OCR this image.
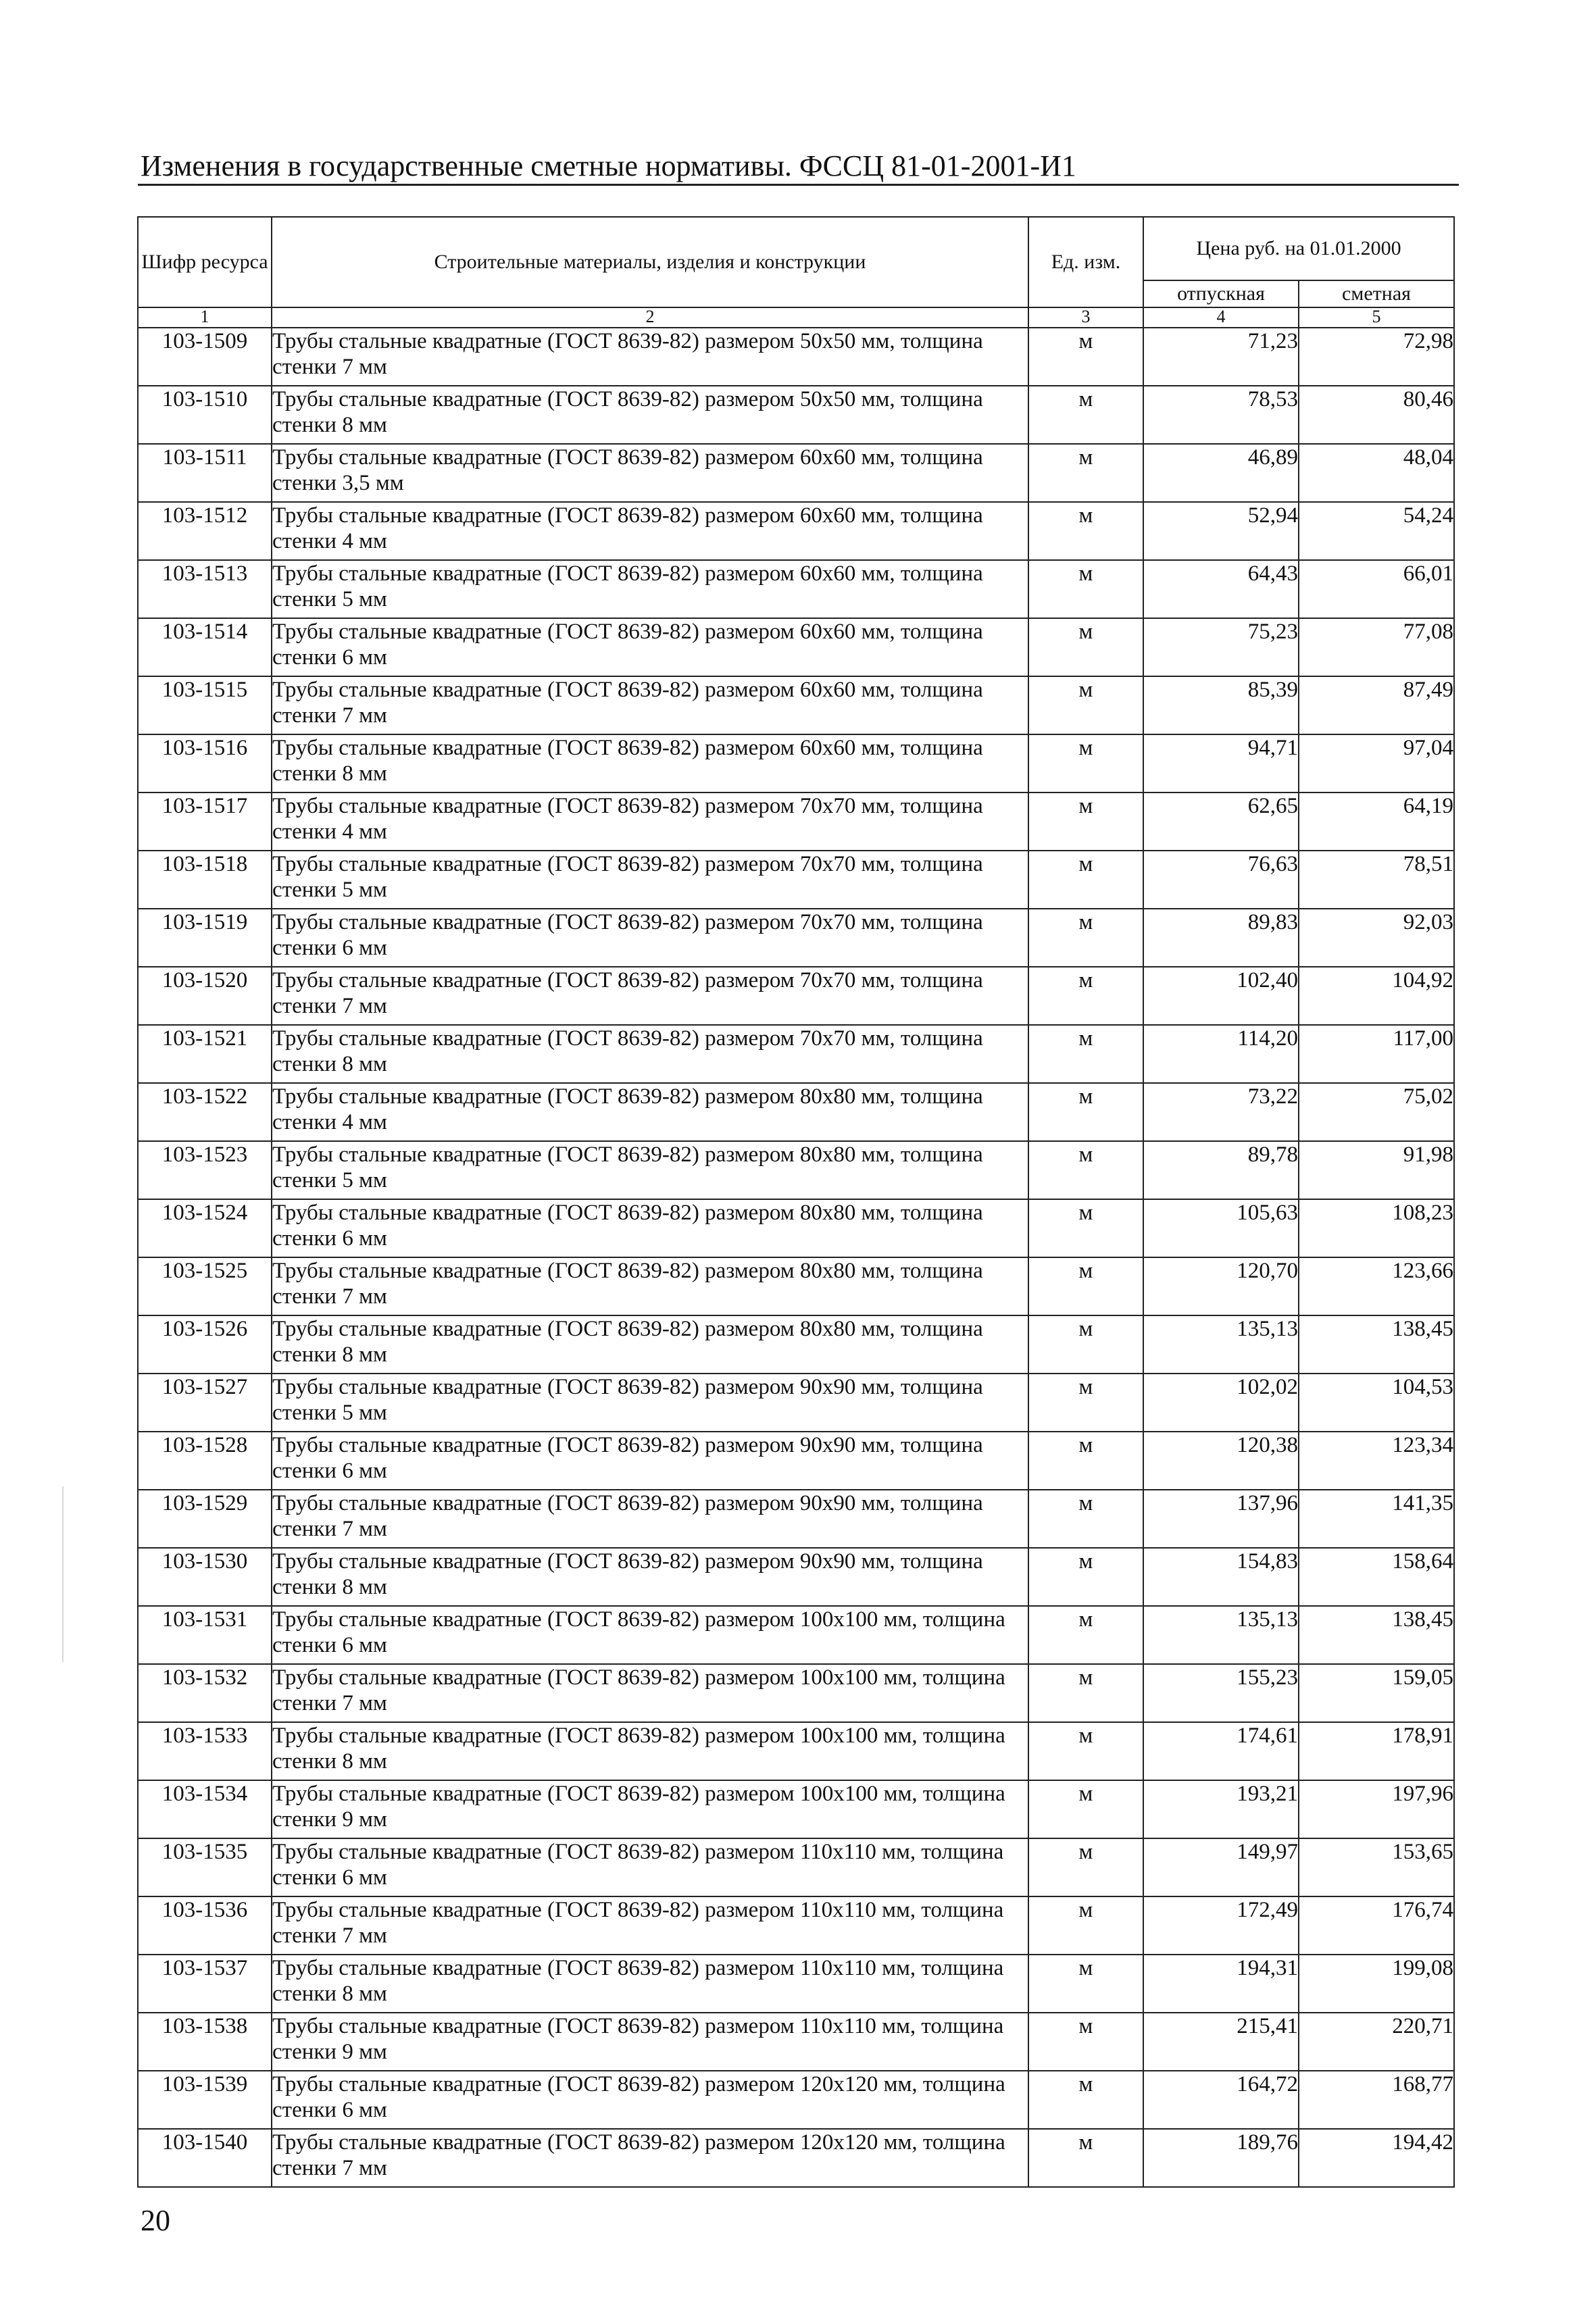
Изменения в государственные сметные нормативы. ФССЦ 81-01-2001-И1
Шифр ресурса	Строительные материалы, изделия и конструкции	Ед. изм.	Цена руб. на 01.01.2000	
			отпускная	сметная
1	2	3	4	5
103-1509	Трубы стальные квадратные (ГОСТ 8639-82) размером 50х50 мм, толщина стенки 7 мм	м	71,23	72,98
103-1510	Трубы стальные квадратные (ГОСТ 8639-82) размером 50х50 мм, толщина стенки 8 мм	м	78,53	80,46
103-1511	Трубы стальные квадратные (ГОСТ 8639-82) размером 60х60 мм, толщина стенки 3,5 мм	м	46,89	48,04
103-1512	Трубы стальные квадратные (ГОСТ 8639-82) размером 60х60 мм, толщина стенки 4 мм	м	52,94	54,24
103-1513	Трубы стальные квадратные (ГОСТ 8639-82) размером 60х60 мм, толщина стенки 5 мм	м	64,43	66,01
103-1514	Трубы стальные квадратные (ГОСТ 8639-82) размером 60х60 мм, толщина стенки 6 мм	м	75,23	77,08
103-1515	Трубы стальные квадратные (ГОСТ 8639-82) размером 60х60 мм, толщина стенки 7 мм	м	85,39	87,49
103-1516	Трубы стальные квадратные (ГОСТ 8639-82) размером 60х60 мм, толщина стенки 8 мм	м	94,71	97,04
103-1517	Трубы стальные квадратные (ГОСТ 8639-82) размером 70х70 мм, толщина стенки 4 мм	м	62,65	64,19
103-1518	Трубы стальные квадратные (ГОСТ 8639-82) размером 70х70 мм, толщина стенки 5 мм	м	76,63	78,51
103-1519	Трубы стальные квадратные (ГОСТ 8639-82) размером 70х70 мм, толщина стенки 6 мм	м	89,83	92,03
103-1520	Трубы стальные квадратные (ГОСТ 8639-82) размером 70х70 мм, толщина стенки 7 мм	м	102,40	104,92
103-1521	Трубы стальные квадратные (ГОСТ 8639-82) размером 70х70 мм, толщина стенки 8 мм	м	114,20	117,00
103-1522	Трубы стальные квадратные (ГОСТ 8639-82) размером 80х80 мм, толщина стенки 4 мм	м	73,22	75,02
103-1523	Трубы стальные квадратные (ГОСТ 8639-82) размером 80х80 мм, толщина стенки 5 мм	м	89,78	91,98
103-1524	Трубы стальные квадратные (ГОСТ 8639-82) размером 80х80 мм, толщина стенки 6 мм	м	105,63	108,23
103-1525	Трубы стальные квадратные (ГОСТ 8639-82) размером 80х80 мм, толщина стенки 7 мм	м	120,70	123,66
103-1526	Трубы стальные квадратные (ГОСТ 8639-82) размером 80х80 мм, толщина стенки 8 мм	м	135,13	138,45
103-1527	Трубы стальные квадратные (ГОСТ 8639-82) размером 90х90 мм, толщина стенки 5 мм	м	102,02	104,53
103-1528	Трубы стальные квадратные (ГОСТ 8639-82) размером 90х90 мм, толщина стенки 6 мм	м	120,38	123,34
103-1529	Трубы стальные квадратные (ГОСТ 8639-82) размером 90х90 мм, толщина стенки 7 мм	м	137,96	141,35
103-1530	Трубы стальные квадратные (ГОСТ 8639-82) размером 90х90 мм, толщина стенки 8 мм	м	154,83	158,64
103-1531	Трубы стальные квадратные (ГОСТ 8639-82) размером 100х100 мм, толщина стенки 6 мм	м	135,13	138,45
103-1532	Трубы стальные квадратные (ГОСТ 8639-82) размером 100х100 мм, толщина стенки 7 мм	м	155,23	159,05
103-1533	Трубы стальные квадратные (ГОСТ 8639-82) размером 100х100 мм, толщина стенки 8 мм	м	174,61	178,91
103-1534	Трубы стальные квадратные (ГОСТ 8639-82) размером 100х100 мм, толщина стенки 9 мм	м	193,21	197,96
103-1535	Трубы стальные квадратные (ГОСТ 8639-82) размером 110х110 мм, толщина стенки 6 мм	м	149,97	153,65
103-1536	Трубы стальные квадратные (ГОСТ 8639-82) размером 110х110 мм, толщина стенки 7 мм	м	172,49	176,74
103-1537	Трубы стальные квадратные (ГОСТ 8639-82) размером 110х110 мм, толщина стенки 8 мм	м	194,31	199,08
103-1538	Трубы стальные квадратные (ГОСТ 8639-82) размером 110х110 мм, толщина стенки 9 мм	м	215,41	220,71
103-1539	Трубы стальные квадратные (ГОСТ 8639-82) размером 120х120 мм, толщина стенки 6 мм	м	164,72	168,77
103-1540	Трубы стальные квадратные (ГОСТ 8639-82) размером 120х120 мм, толщина стенки 7 мм	м	189,76	194,42
20
